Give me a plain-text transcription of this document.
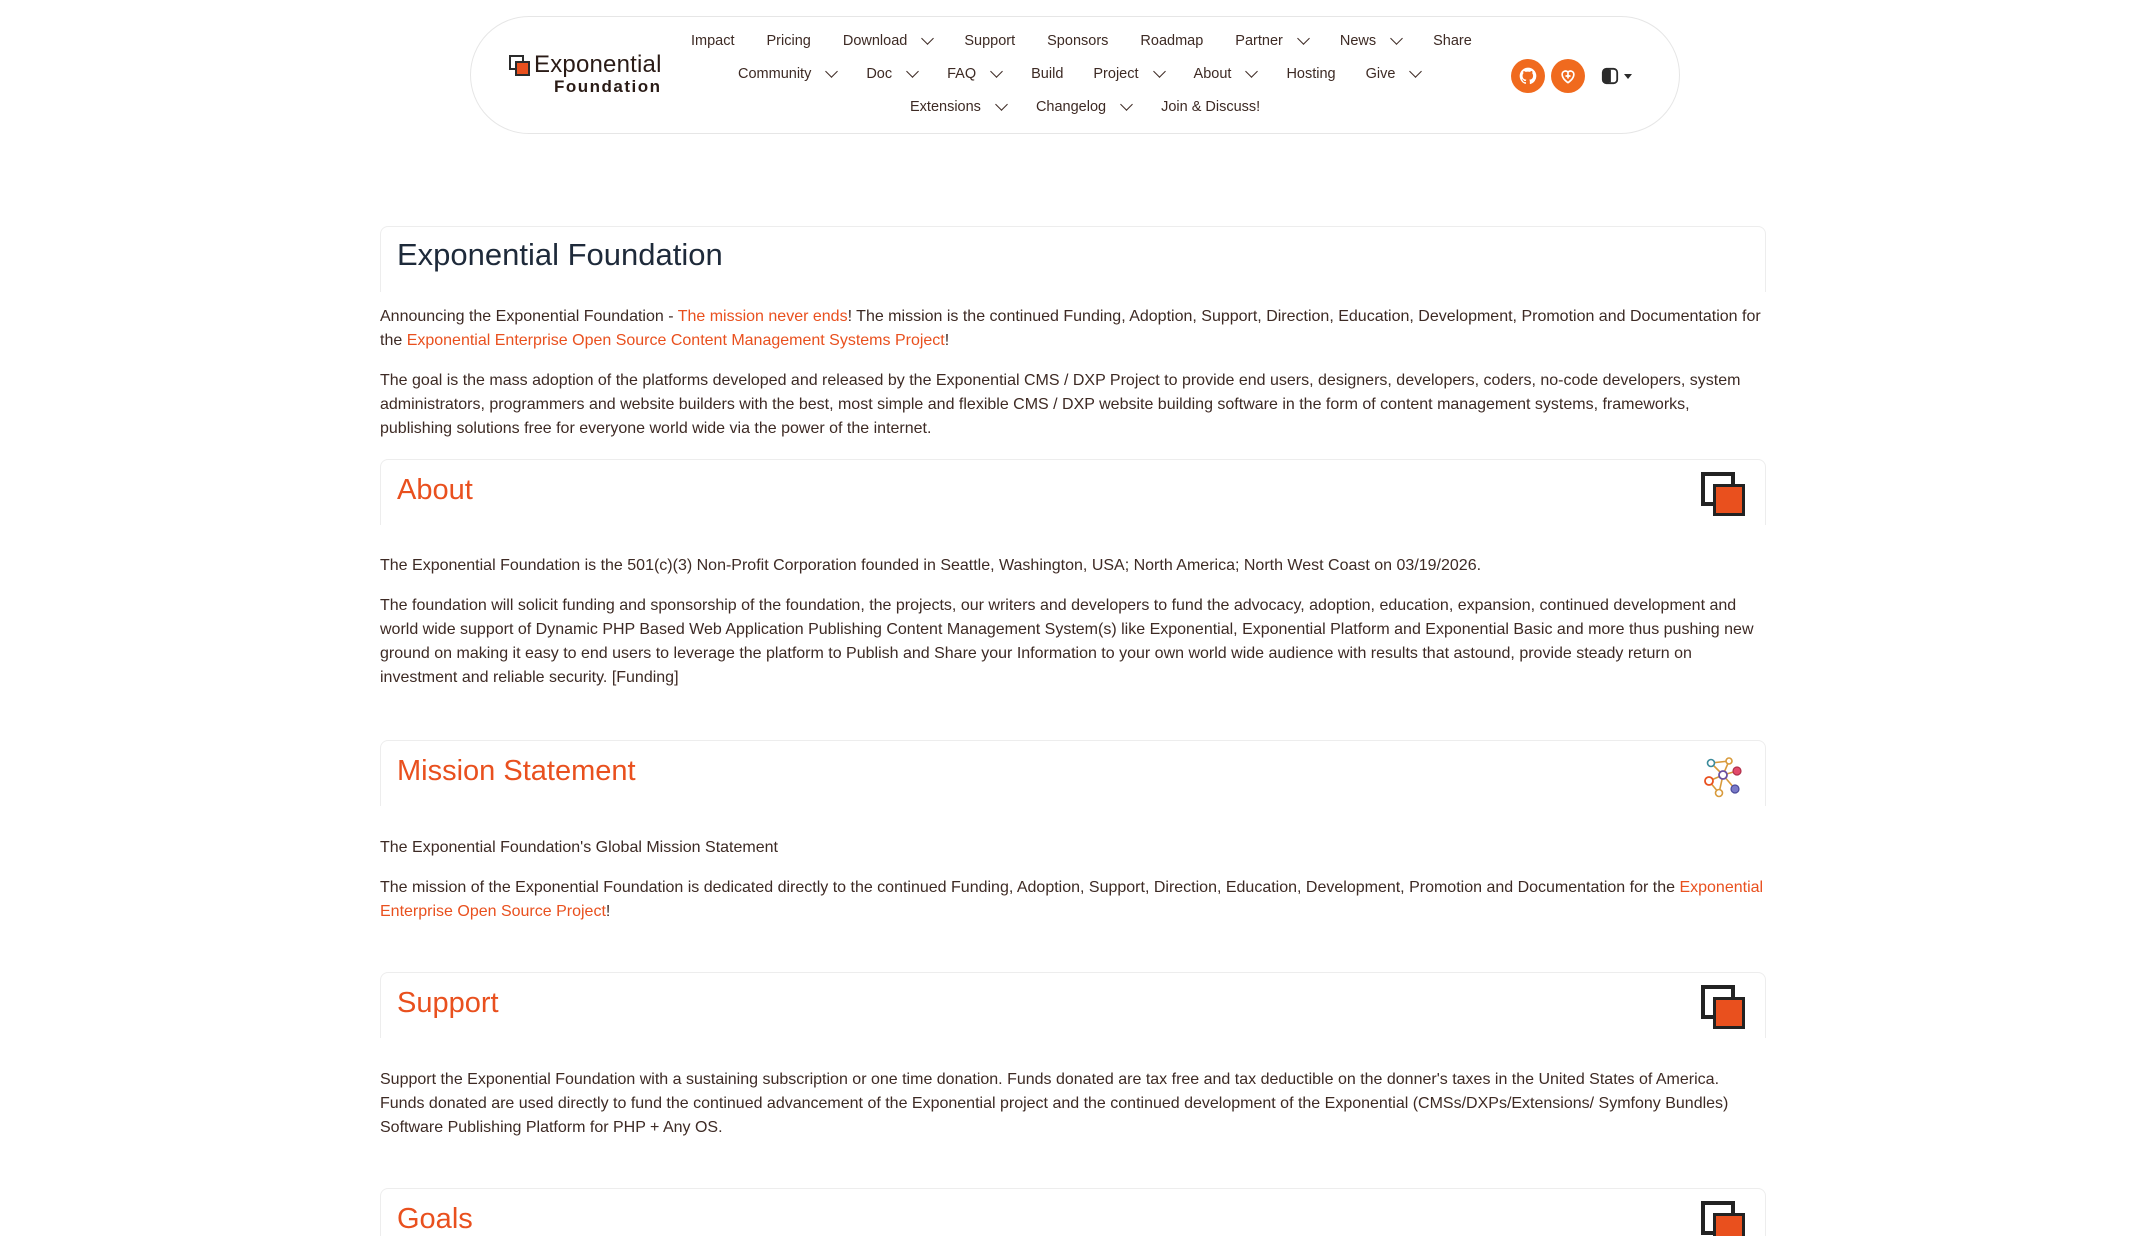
Exponential
Foundation
Impact Pricing Download	Support Sponsors Roadmap Partner	News	Share
Community	Doc	FAQ	Build Project	About	Hosting Give
Extensions	Changelog	Join & Discuss!
Exponential Foundation

Announcing the Exponential Foundation - The mission never ends! The mission is the continued Funding, Adoption, Support, Direction, Education, Development, Promotion and Documentation for the Exponential Enterprise Open Source Content Management Systems Project!

The goal is the mass adoption of the platforms developed and released by the Exponential CMS / DXP Project to provide end users, designers, developers, coders, no-code developers, system administrators, programmers and website builders with the best, most simple and flexible CMS / DXP website building software in the form of content management systems, frameworks, publishing solutions free for everyone world wide via the power of the internet.

About

The Exponential Foundation is the 501(c)(3) Non-Profit Corporation founded in Seattle, Washington, USA; North America; North West Coast on 03/19/2026.

The foundation will solicit funding and sponsorship of the foundation, the projects, our writers and developers to fund the advocacy, adoption, education, expansion, continued development and world wide support of Dynamic PHP Based Web Application Publishing Content Management System(s) like Exponential, Exponential Platform and Exponential Basic and more thus pushing new ground on making it easy to end users to leverage the platform to Publish and Share your Information to your own world wide audience with results that astound, provide steady return on investment and reliable security. [Funding]

Mission Statement

The Exponential Foundation's Global Mission Statement

The mission of the Exponential Foundation is dedicated directly to the continued Funding, Adoption, Support, Direction, Education, Development, Promotion and Documentation for the Exponential Enterprise Open Source Project!

Support

Support the Exponential Foundation with a sustaining subscription or one time donation. Funds donated are tax free and tax deductible on the donner's taxes in the United States of America. Funds donated are used directly to fund the continued advancement of the Exponential project and the continued development of the Exponential (CMSs/DXPs/Extensions/ Symfony Bundles) Software Publishing Platform for PHP + Any OS.

Goals
